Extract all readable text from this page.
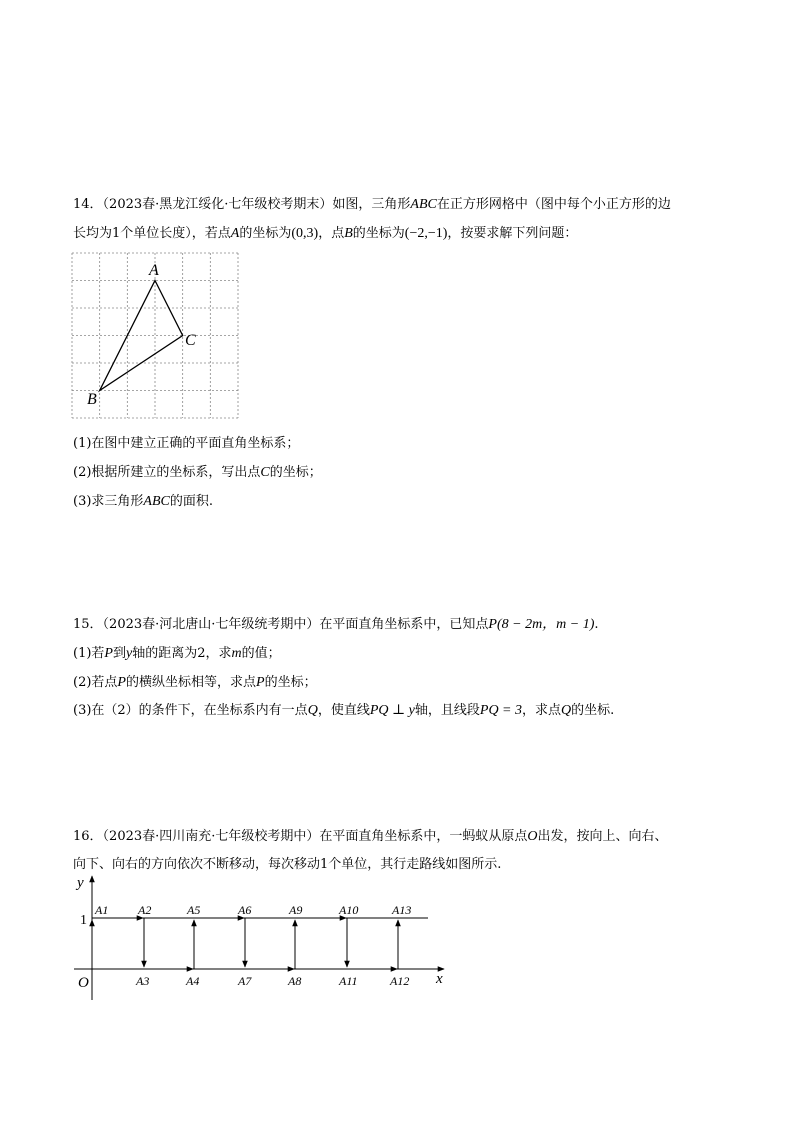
14．（2023春·黑龙江绥化·七年级校考期末）如图，三角形ABC在正方形网格中（图中每个小正方形的边
长均为1个单位长度），若点A的坐标为(0,3)，点B的坐标为(−2,−1)，按要求解下列问题：
A
C
B
(1)在图中建立正确的平面直角坐标系；
(2)根据所建立的坐标系，写出点C的坐标；
(3)求三角形ABC的面积.
15．（2023春·河北唐山·七年级统考期中）在平面直角坐标系中，已知点P(8 − 2m，m − 1).
(1)若P到y轴的距离为2，求m的值；
(2)若点P的横纵坐标相等，求点P的坐标；
(3)在（2）的条件下，在坐标系内有一点Q，使直线PQ ⊥ y轴，且线段PQ = 3，求点Q的坐标.
16．（2023春·四川南充·七年级校考期中）在平面直角坐标系中，一蚂蚁从原点O出发，按向上、向右、
向下、向右的方向依次不断移动，每次移动1个单位，其行走路线如图所示.
x
y
O
1
A1 A2	A5	A6	A9	A10	A13
A3	A4	A7	A8	A11	A12
